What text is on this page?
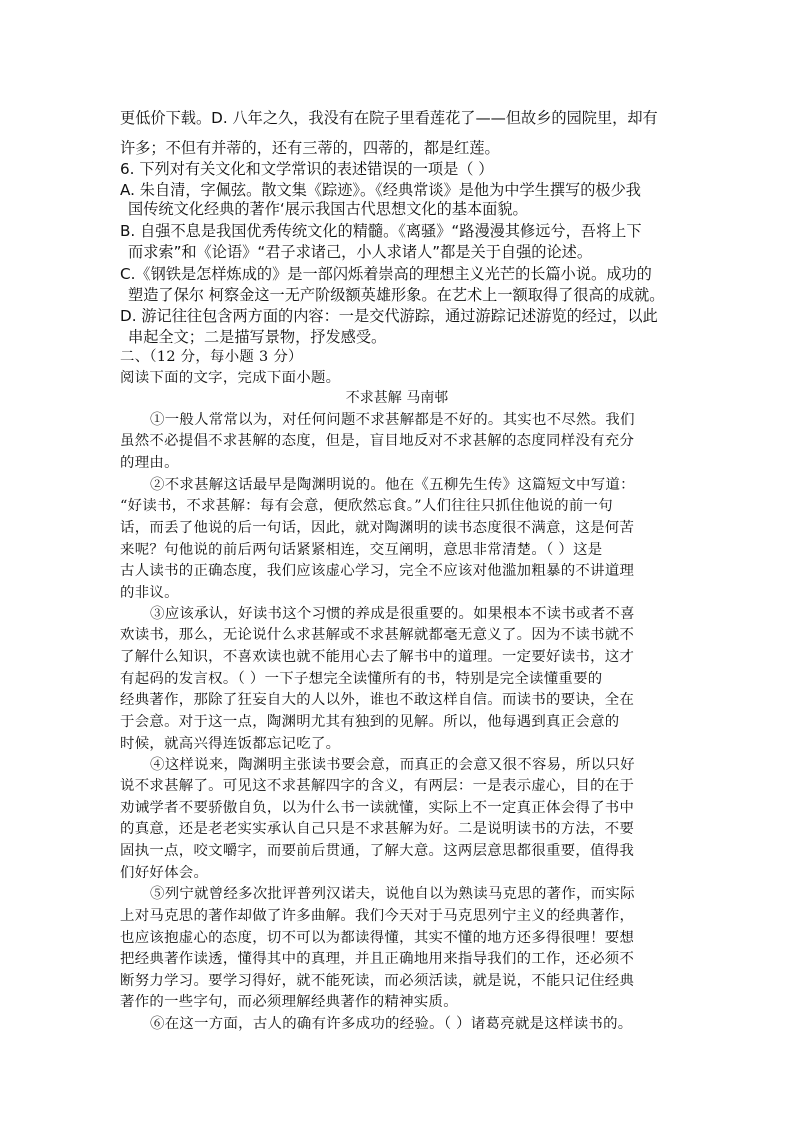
更低价下载。D. 八年之久，我没有在院子里看莲花了——但故乡的园院里，却有
许多；不但有并蒂的，还有三蒂的，四蒂的，都是红莲。
6. 下列对有关文化和文学常识的表述错误的一项是（ ）
A. 朱自清，字佩弦。散文集《踪迹》。《经典常谈》是他为中学生撰写的极少我
国传统文化经典的著作‘展示我国古代思想文化的基本面貌。
B. 自强不息是我国优秀传统文化的精髓。《离骚》“路漫漫其修远兮，吾将上下
而求索”和《论语》“君子求诸己，小人求诸人”都是关于自强的论述。
C.《钢铁是怎样炼成的》是一部闪烁着崇高的理想主义光芒的长篇小说。成功的
塑造了保尔 柯察金这一无产阶级额英雄形象。在艺术上一额取得了很高的成就。
D. 游记往往包含两方面的内容：一是交代游踪，通过游踪记述游览的经过，以此
串起全文；二是描写景物，抒发感受。
二、（12 分，每小题 3 分）
阅读下面的文字，完成下面小题。
不求甚解 马南邨
①一般人常常以为，对任何问题不求甚解都是不好的。其实也不尽然。我们
虽然不必提倡不求甚解的态度，但是，盲目地反对不求甚解的态度同样没有充分
的理由。
②不求甚解这话最早是陶渊明说的。他在《五柳先生传》这篇短文中写道：
“好读书，不求甚解：每有会意，便欣然忘食。”人们往往只抓住他说的前一句
话，而丢了他说的后一句话，因此，就对陶渊明的读书态度很不满意，这是何苦
来呢？句他说的前后两句话紧紧相连，交互阐明，意思非常清楚。（ ）这是
古人读书的正确态度，我们应该虚心学习，完全不应该对他滥加粗暴的不讲道理
的非议。
③应该承认，好读书这个习惯的养成是很重要的。如果根本不读书或者不喜
欢读书，那么，无论说什么求甚解或不求甚解就都毫无意义了。因为不读书就不
了解什么知识，不喜欢读也就不能用心去了解书中的道理。一定要好读书，这才
有起码的发言权。（ ）一下子想完全读懂所有的书，特别是完全读懂重要的
经典著作，那除了狂妄自大的人以外，谁也不敢这样自信。而读书的要诀，全在
于会意。对于这一点，陶渊明尤其有独到的见解。所以，他每遇到真正会意的
时候，就高兴得连饭都忘记吃了。
④这样说来，陶渊明主张读书要会意，而真正的会意又很不容易，所以只好
说不求甚解了。可见这不求甚解四字的含义，有两层：一是表示虚心，目的在于
劝诫学者不要骄傲自负，以为什么书一读就懂，实际上不一定真正体会得了书中
的真意，还是老老实实承认自己只是不求甚解为好。二是说明读书的方法，不要
固执一点，咬文嚼字，而要前后贯通，了解大意。这两层意思都很重要，值得我
们好好体会。
⑤列宁就曾经多次批评普列汉诺夫，说他自以为熟读马克思的著作，而实际
上对马克思的著作却做了许多曲解。我们今天对于马克思列宁主义的经典著作，
也应该抱虚心的态度，切不可以为都读得懂，其实不懂的地方还多得很哩！要想
把经典著作读透，懂得其中的真理，并且正确地用来指导我们的工作，还必须不
断努力学习。要学习得好，就不能死读，而必须活读，就是说，不能只记住经典
著作的一些字句，而必须理解经典著作的精神实质。
⑥在这一方面，古人的确有许多成功的经验。（ ）诸葛亮就是这样读书的。
